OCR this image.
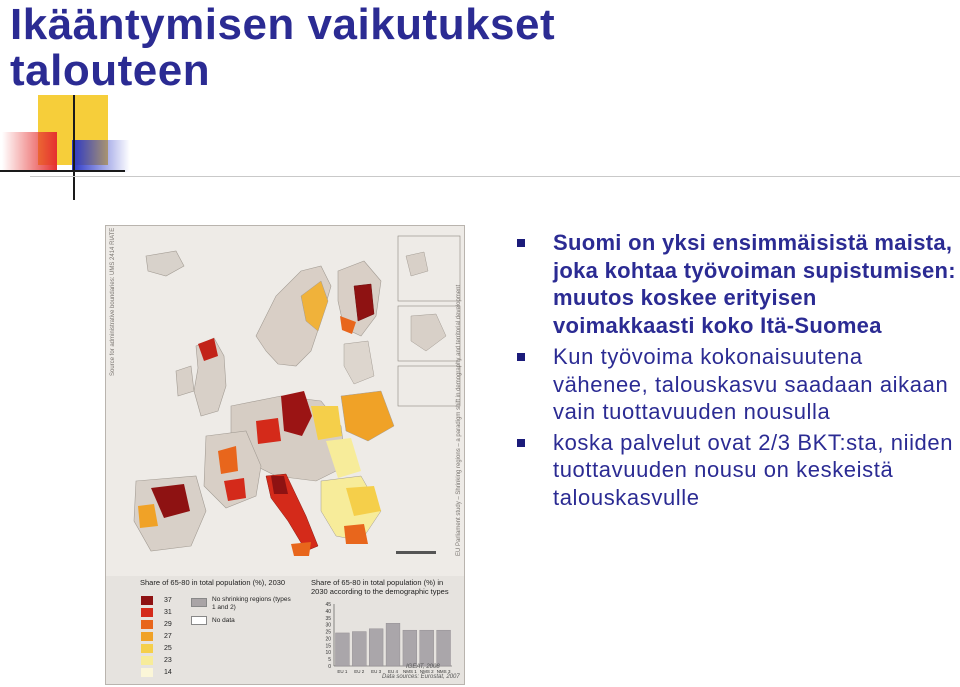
Ikääntymisen vaikutukset
talouteen
Source for administrative boundaries: UMS 2414 RIATE	EU Parliament study – Shrinking regions – a paradigm shift in demography and territorial development
Share of 65-80 in total population (%), 2030
37
31
29
27
25
23
14
No shrinking regions (types 1 and 2)
No data
Share of 65-80 in total population (%) in 2030 according to the demographic types
45
40
35
30
25
20
15
10
5
0
EU 1 EU 2 EU 3 EU 4 NMS 1 NMS 2 NMS 3
IGEAT, 2008
Data sources: Eurostat, 2007
Suomi on yksi ensimmäisistä maista, joka kohtaa työvoiman supistumisen: muutos koskee erityisen voimakkaasti koko Itä-Suomea
Kun työvoima kokonaisuutena vähenee, talouskasvu saadaan aikaan vain tuottavuuden nousulla
koska palvelut ovat 2/3 BKT:sta, niiden tuottavuuden nousu on keskeistä talouskasvulle
